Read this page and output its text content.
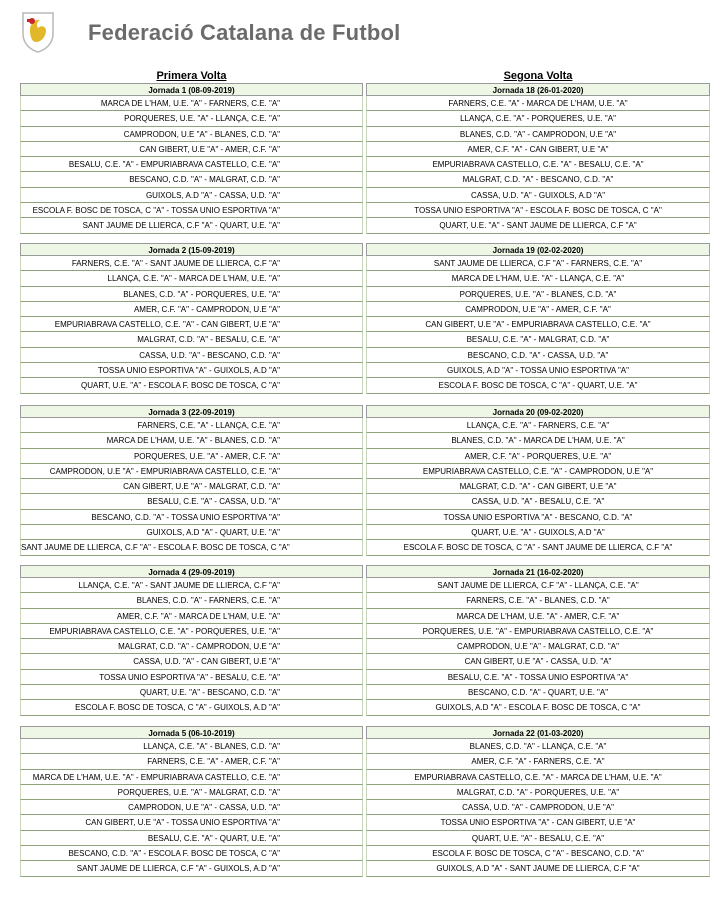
Federació Catalana de Futbol
Primera Volta	Segona Volta
Jornada 1 (08-09-2019)
MARCA DE L'HAM, U.E. "A" - FARNERS, C.E. "A"
PORQUERES, U.E. "A" - LLANÇA, C.E. "A"
CAMPRODON, U.E "A" - BLANES, C.D. "A"
CAN GIBERT, U.E "A" - AMER, C.F. "A"
BESALU, C.E. "A" - EMPURIABRAVA CASTELLO, C.E. "A"
BESCANO, C.D. "A" - MALGRAT, C.D. "A"
GUIXOLS, A.D "A" - CASSA, U.D. "A"
ESCOLA F. BOSC DE TOSCA, C "A" - TOSSA UNIO ESPORTIVA "A"
SANT JAUME DE LLIERCA, C.F "A" - QUART, U.E. "A"
Jornada 18 (26-01-2020)
FARNERS, C.E. "A" - MARCA DE L'HAM, U.E. "A"
LLANÇA, C.E. "A" - PORQUERES, U.E. "A"
BLANES, C.D. "A" - CAMPRODON, U.E "A"
AMER, C.F. "A" - CAN GIBERT, U.E "A"
EMPURIABRAVA CASTELLO, C.E. "A" - BESALU, C.E. "A"
MALGRAT, C.D. "A" - BESCANO, C.D. "A"
CASSA, U.D. "A" - GUIXOLS, A.D "A"
TOSSA UNIO ESPORTIVA "A" - ESCOLA F. BOSC DE TOSCA, C "A"
QUART, U.E. "A" - SANT JAUME DE LLIERCA, C.F "A"
Jornada 2 (15-09-2019)
FARNERS, C.E. "A" - SANT JAUME DE LLIERCA, C.F "A"
LLANÇA, C.E. "A" - MARCA DE L'HAM, U.E. "A"
BLANES, C.D. "A" - PORQUERES, U.E. "A"
AMER, C.F. "A" - CAMPRODON, U.E "A"
EMPURIABRAVA CASTELLO, C.E. "A" - CAN GIBERT, U.E "A"
MALGRAT, C.D. "A" - BESALU, C.E. "A"
CASSA, U.D. "A" - BESCANO, C.D. "A"
TOSSA UNIO ESPORTIVA "A" - GUIXOLS, A.D "A"
QUART, U.E. "A" - ESCOLA F. BOSC DE TOSCA, C "A"
Jornada 19 (02-02-2020)
SANT JAUME DE LLIERCA, C.F "A" - FARNERS, C.E. "A"
MARCA DE L'HAM, U.E. "A" - LLANÇA, C.E. "A"
PORQUERES, U.E. "A" - BLANES, C.D. "A"
CAMPRODON, U.E "A" - AMER, C.F. "A"
CAN GIBERT, U.E "A" - EMPURIABRAVA CASTELLO, C.E. "A"
BESALU, C.E. "A" - MALGRAT, C.D. "A"
BESCANO, C.D. "A" - CASSA, U.D. "A"
GUIXOLS, A.D "A" - TOSSA UNIO ESPORTIVA "A"
ESCOLA F. BOSC DE TOSCA, C "A" - QUART, U.E. "A"
Jornada 3 (22-09-2019)
FARNERS, C.E. "A" - LLANÇA, C.E. "A"
MARCA DE L'HAM, U.E. "A" - BLANES, C.D. "A"
PORQUERES, U.E. "A" - AMER, C.F. "A"
CAMPRODON, U.E "A" - EMPURIABRAVA CASTELLO, C.E. "A"
CAN GIBERT, U.E "A" - MALGRAT, C.D. "A"
BESALU, C.E. "A" - CASSA, U.D. "A"
BESCANO, C.D. "A" - TOSSA UNIO ESPORTIVA "A"
GUIXOLS, A.D "A" - QUART, U.E. "A"
SANT JAUME DE LLIERCA, C.F "A" - ESCOLA F. BOSC DE TOSCA, C "A"
Jornada 20 (09-02-2020)
LLANÇA, C.E. "A" - FARNERS, C.E. "A"
BLANES, C.D. "A" - MARCA DE L'HAM, U.E. "A"
AMER, C.F. "A" - PORQUERES, U.E. "A"
EMPURIABRAVA CASTELLO, C.E. "A" - CAMPRODON, U.E "A"
MALGRAT, C.D. "A" - CAN GIBERT, U.E "A"
CASSA, U.D. "A" - BESALU, C.E. "A"
TOSSA UNIO ESPORTIVA "A" - BESCANO, C.D. "A"
QUART, U.E. "A" - GUIXOLS, A.D "A"
ESCOLA F. BOSC DE TOSCA, C "A" - SANT JAUME DE LLIERCA, C.F "A"
Jornada 4 (29-09-2019)
LLANÇA, C.E. "A" - SANT JAUME DE LLIERCA, C.F "A"
BLANES, C.D. "A" - FARNERS, C.E. "A"
AMER, C.F. "A" - MARCA DE L'HAM, U.E. "A"
EMPURIABRAVA CASTELLO, C.E. "A" - PORQUERES, U.E. "A"
MALGRAT, C.D. "A" - CAMPRODON, U.E "A"
CASSA, U.D. "A" - CAN GIBERT, U.E "A"
TOSSA UNIO ESPORTIVA "A" - BESALU, C.E. "A"
QUART, U.E. "A" - BESCANO, C.D. "A"
ESCOLA F. BOSC DE TOSCA, C "A" - GUIXOLS, A.D "A"
Jornada 21 (16-02-2020)
SANT JAUME DE LLIERCA, C.F "A" - LLANÇA, C.E. "A"
FARNERS, C.E. "A" - BLANES, C.D. "A"
MARCA DE L'HAM, U.E. "A" - AMER, C.F. "A"
PORQUERES, U.E. "A" - EMPURIABRAVA CASTELLO, C.E. "A"
CAMPRODON, U.E "A" - MALGRAT, C.D. "A"
CAN GIBERT, U.E "A" - CASSA, U.D. "A"
BESALU, C.E. "A" - TOSSA UNIO ESPORTIVA "A"
BESCANO, C.D. "A" - QUART, U.E. "A"
GUIXOLS, A.D "A" - ESCOLA F. BOSC DE TOSCA, C "A"
Jornada 5 (06-10-2019)
LLANÇA, C.E. "A" - BLANES, C.D. "A"
FARNERS, C.E. "A" - AMER, C.F. "A"
MARCA DE L'HAM, U.E. "A" - EMPURIABRAVA CASTELLO, C.E. "A"
PORQUERES, U.E. "A" - MALGRAT, C.D. "A"
CAMPRODON, U.E "A" - CASSA, U.D. "A"
CAN GIBERT, U.E "A" - TOSSA UNIO ESPORTIVA "A"
BESALU, C.E. "A" - QUART, U.E. "A"
BESCANO, C.D. "A" - ESCOLA F. BOSC DE TOSCA, C "A"
SANT JAUME DE LLIERCA, C.F "A" - GUIXOLS, A.D "A"
Jornada 22 (01-03-2020)
BLANES, C.D. "A" - LLANÇA, C.E. "A"
AMER, C.F. "A" - FARNERS, C.E. "A"
EMPURIABRAVA CASTELLO, C.E. "A" - MARCA DE L'HAM, U.E. "A"
MALGRAT, C.D. "A" - PORQUERES, U.E. "A"
CASSA, U.D. "A" - CAMPRODON, U.E "A"
TOSSA UNIO ESPORTIVA "A" - CAN GIBERT, U.E "A"
QUART, U.E. "A" - BESALU, C.E. "A"
ESCOLA F. BOSC DE TOSCA, C "A" - BESCANO, C.D. "A"
GUIXOLS, A.D "A" - SANT JAUME DE LLIERCA, C.F "A"
